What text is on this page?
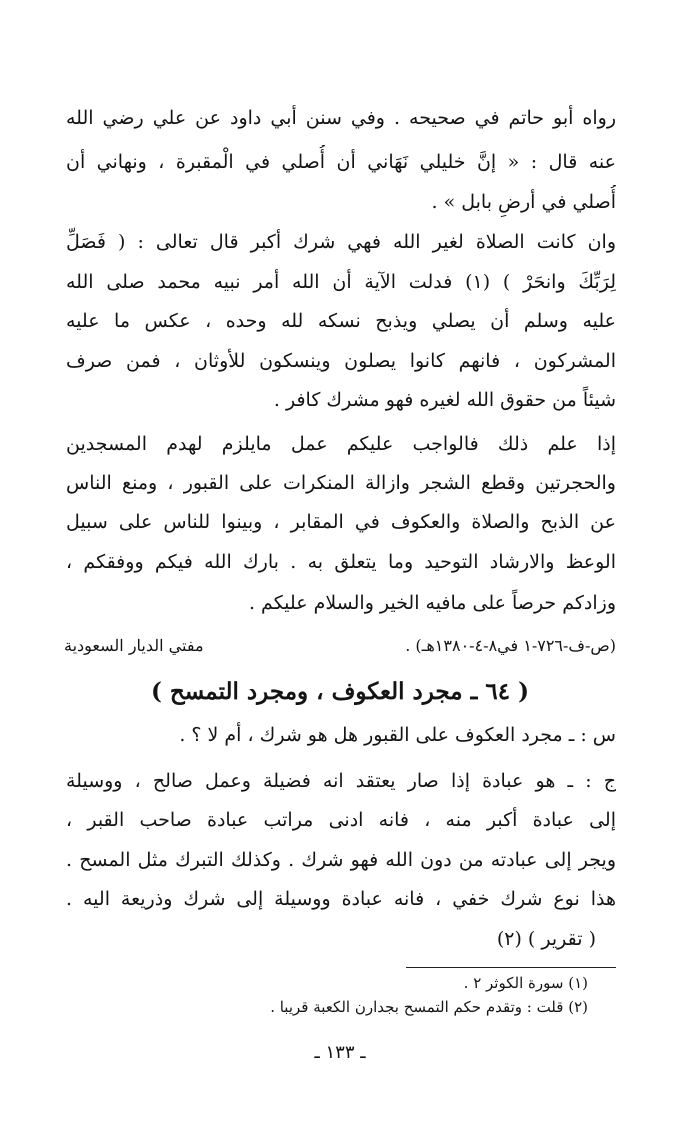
رواه أبو حاتم في صحيحه . وفي سنن أبي داود عن علي رضي الله
عنه قال : « إنَّ خليلي نَهَاني أن أُصلي في الْمقبرة ، ونهاني أن
أُصلي في أرضِ بابل » .
وان كانت الصلاة لغير الله فهي شرك أكبر قال تعالى : ( فَصَلِّ
لِرَبِّكَ وانحَرْ ) (١) فدلت الآية أن الله أمر نبيه محمد صلى الله
عليه وسلم أن يصلي ويذبح نسكه لله وحده ، عكس ما عليه
المشركون ، فانهم كانوا يصلون وينسكون للأوثان ، فمن صرف
شيئاً من حقوق الله لغيره فهو مشرك كافر .
إذا علم ذلك فالواجب عليكم عمل مايلزم لهدم المسجدين
والحجرتين وقطع الشجر وازالة المنكرات على القبور ، ومنع الناس
عن الذبح والصلاة والعكوف في المقابر ، وبينوا للناس على سبيل
الوعظ والارشاد التوحيد وما يتعلق به . بارك الله فيكم ووفقكم ،
وزادكم حرصاً على مافيه الخير والسلام عليكم .
(ص-ف-٧٢٦-١ في٨-٤-١٣٨٠هـ) .
مفتي الديار السعودية
( ٦٤ ـ مجرد العكوف ، ومجرد التمسح )
س : ـ مجرد العكوف على القبور هل هو شرك ، أم لا ؟ .
ج : ـ هو عبادة إذا صار يعتقد انه فضيلة وعمل صالح ، ووسيلة
إلى عبادة أكبر منه ، فانه ادنى مراتب عبادة صاحب القبر ،
ويجر إلى عبادته من دون الله فهو شرك . وكذلك التبرك مثل المسح .
هذا نوع شرك خفي ، فانه عبادة ووسيلة إلى شرك وذريعة اليه .
( تقرير ) (٢)
(١) سورة الكوثر ٢ .
(٢) قلت : وتقدم حكم التمسح بجدارن الكعبة قريبا .
ـ ١٣٣ ـ
